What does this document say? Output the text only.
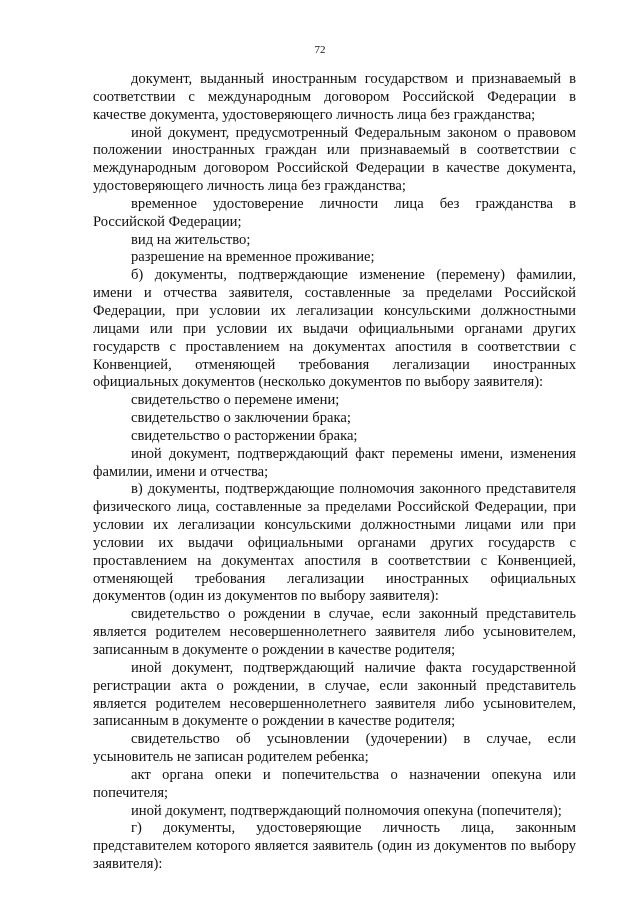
72

документ, выданный иностранным государством и признаваемый в соответствии с международным договором Российской Федерации в качестве документа, удостоверяющего личность лица без гражданства;

иной документ, предусмотренный Федеральным законом о правовом положении иностранных граждан или признаваемый в соответствии с международным договором Российской Федерации в качестве документа, удостоверяющего личность лица без гражданства;

временное удостоверение личности лица без гражданства в Российской Федерации;

вид на жительство;

разрешение на временное проживание;

б) документы, подтверждающие изменение (перемену) фамилии, имени и отчества заявителя, составленные за пределами Российской Федерации, при условии их легализации консульскими должностными лицами или при условии их выдачи официальными органами других государств с проставлением на документах апостиля в соответствии с Конвенцией, отменяющей требования легализации иностранных официальных документов (несколько документов по выбору заявителя):

свидетельство о перемене имени;

свидетельство о заключении брака;

свидетельство о расторжении брака;

иной документ, подтверждающий факт перемены имени, изменения фамилии, имени и отчества;

в) документы, подтверждающие полномочия законного представителя физического лица, составленные за пределами Российской Федерации, при условии их легализации консульскими должностными лицами или при условии их выдачи официальными органами других государств с проставлением на документах апостиля в соответствии с Конвенцией, отменяющей требования легализации иностранных официальных документов (один из документов по выбору заявителя):

свидетельство о рождении в случае, если законный представитель является родителем несовершеннолетнего заявителя либо усыновителем, записанным в документе о рождении в качестве родителя;

иной документ, подтверждающий наличие факта государственной регистрации акта о рождении, в случае, если законный представитель является родителем несовершеннолетнего заявителя либо усыновителем, записанным в документе о рождении в качестве родителя;

свидетельство об усыновлении (удочерении) в случае, если усыновитель не записан родителем ребенка;

акт органа опеки и попечительства о назначении опекуна или попечителя;

иной документ, подтверждающий полномочия опекуна (попечителя);

г) документы, удостоверяющие личность лица, законным представителем которого является заявитель (один из документов по выбору заявителя):
